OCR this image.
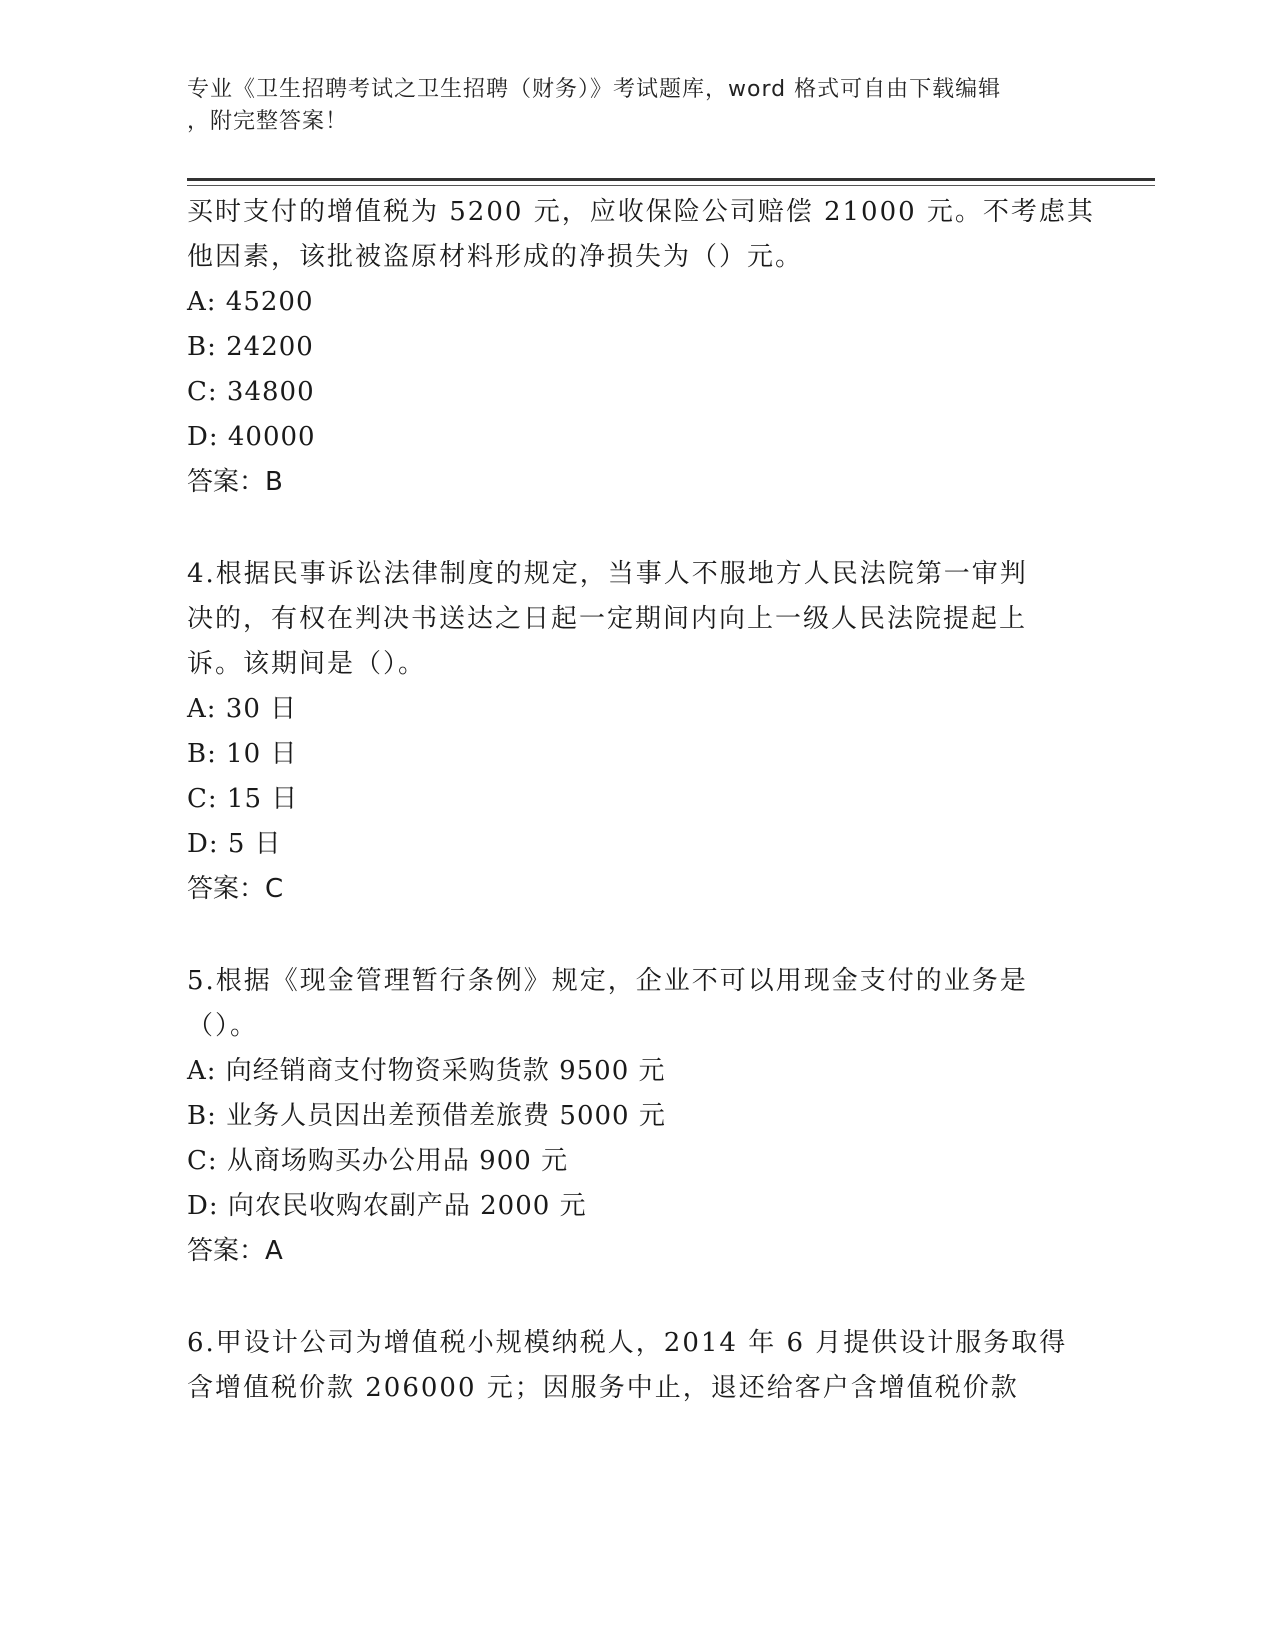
专业《卫生招聘考试之卫生招聘（财务）》考试题库，word 格式可自由下载编辑
，附完整答案！
买时支付的增值税为 5200 元，应收保险公司赔偿 21000 元。不考虑其
他因素，该批被盗原材料形成的净损失为（）元。
A: 45200
B: 24200
C: 34800
D: 40000
答案：B
4.根据民事诉讼法律制度的规定，当事人不服地方人民法院第一审判
决的，有权在判决书送达之日起一定期间内向上一级人民法院提起上
诉。该期间是（）。
A: 30 日
B: 10 日
C: 15 日
D: 5 日
答案：C
5.根据《现金管理暂行条例》规定，企业不可以用现金支付的业务是
（）。
A: 向经销商支付物资采购货款 9500 元
B: 业务人员因出差预借差旅费 5000 元
C: 从商场购买办公用品 900 元
D: 向农民收购农副产品 2000 元
答案：A
6.甲设计公司为增值税小规模纳税人，2014 年 6 月提供设计服务取得
含增值税价款 206000 元；因服务中止，退还给客户含增值税价款
